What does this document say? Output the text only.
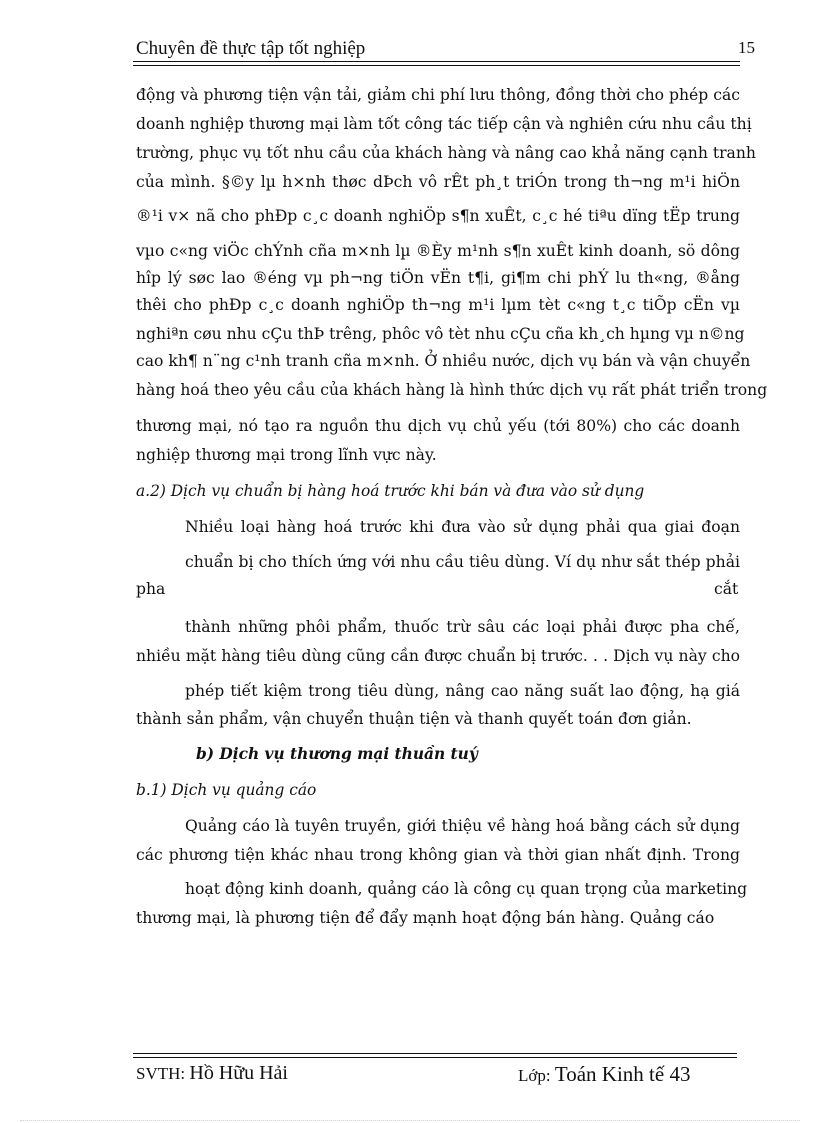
Chuyên đề thực tập tốt nghiệp	15
động và phương tiện vận tải, giảm chi phí lưu thông, đồng thời cho phép các
doanh nghiệp thương mại làm tốt công tác tiếp cận và nghiên cứu nhu cầu thị
trường, phục vụ tốt nhu cầu của khách hàng và nâng cao khả năng cạnh tranh
của mình. §©y lµ h×nh thøc dÞch vô rÊt ph¸t triÓn trong th¬ng m¹i hiÖn
®¹i v× nã cho phÐp c¸c doanh nghiÖp s¶n xuÊt, c¸c hé tiªu dïng tËp trung
vµo c«ng viÖc chÝnh cña m×nh lµ ®Èy m¹nh s¶n xuÊt kinh doanh, sö dông
hîp lý søc lao ®éng vµ ph¬ng tiÖn vËn t¶i, gi¶m chi phÝ lu th«ng, ®ång
thêi cho phÐp c¸c doanh nghiÖp th¬ng m¹i lµm tèt c«ng t¸c tiÕp cËn vµ
nghiªn cøu nhu cÇu thÞ trêng, phôc vô tèt nhu cÇu cña kh¸ch hµng vµ n©ng
cao kh¶ n¨ng c¹nh tranh cña m×nh. Ở nhiều nước, dịch vụ bán và vận chuyển
hàng hoá theo yêu cầu của khách hàng là hình thức dịch vụ rất phát triển trong
thương mại, nó tạo ra nguồn thu dịch vụ chủ yếu (tới 80%) cho các doanh
nghiệp thương mại trong lĩnh vực này.
a.2) Dịch vụ chuẩn bị hàng hoá trước khi bán và đưa vào sử dụng
Nhiều loại hàng hoá trước khi đưa vào sử dụng phải qua giai đoạn
chuẩn bị cho thích ứng với nhu cầu tiêu dùng. Ví dụ như sắt thép phải
pha	cắt
thành những phôi phẩm, thuốc trừ sâu các loại phải được pha chế,
nhiều mặt hàng tiêu dùng cũng cần được chuẩn bị trước. . . Dịch vụ này cho
phép tiết kiệm trong tiêu dùng, nâng cao năng suất lao động, hạ giá
thành sản phẩm, vận chuyển thuận tiện và thanh quyết toán đơn giản.
b) Dịch vụ thương mại thuần tuý
b.1) Dịch vụ quảng cáo
Quảng cáo là tuyên truyền, giới thiệu về hàng hoá bằng cách sử dụng
các phương tiện khác nhau trong không gian và thời gian nhất định. Trong
hoạt động kinh doanh, quảng cáo là công cụ quan trọng của marketing
thương mại, là phương tiện để đẩy mạnh hoạt động bán hàng. Quảng cáo
SVTH: Hồ Hữu Hải	Lớp: Toán Kinh tế 43
